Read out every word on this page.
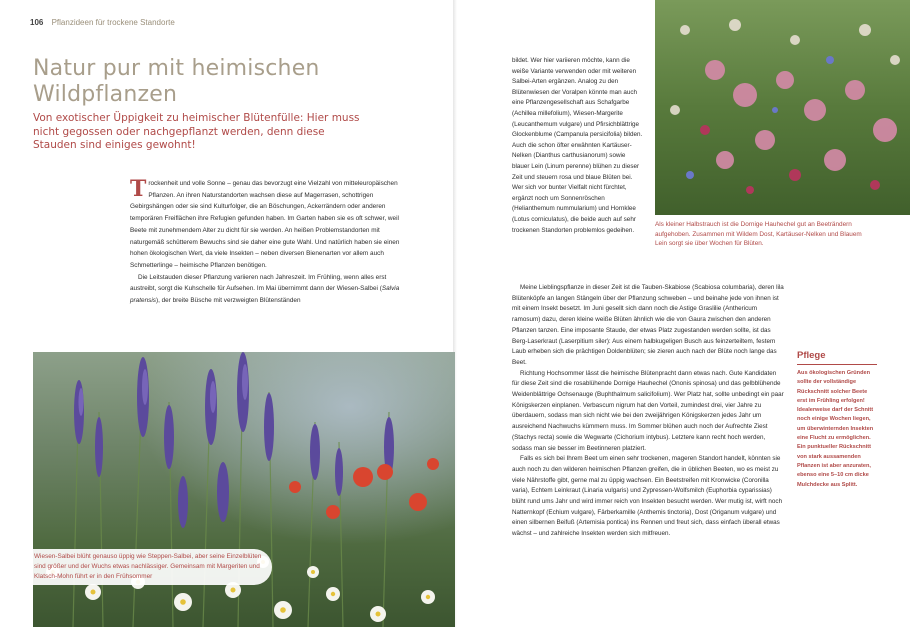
106 Pflanzideen für trockene Standorte
Natur pur mit heimischen Wildpflanzen
Von exotischer Üppigkeit zu heimischer Blütenfülle: Hier muss nicht gegossen oder nachgepflanzt werden, denn diese Stauden sind einiges gewohnt!
T rockenheit und volle Sonne – genau das bevorzugt eine Vielzahl von mitteleuropäischen Pflanzen. An ihren Naturstandorten wachsen diese auf Magerrasen, schottrigen Gebirgshängen oder sie sind Kulturfolger, die an Böschungen, Ackerrändern oder anderen temporären Freiflächen ihre Refugien gefunden haben. Im Garten haben sie es oft schwer, weil Beete mit zunehmendem Alter zu dicht für sie werden. An heißen Problemstandorten mit naturgemäß schütterem Bewuchs sind sie daher eine gute Wahl. Und natürlich haben sie einen hohen ökologischen Wert, da viele Insekten – neben diversen Bienenarten vor allem auch Schmetterlinge – heimische Pflanzen benötigen.

Die Leitstauden dieser Pflanzung variieren nach Jahreszeit. Im Frühling, wenn alles erst austreibt, sorgt die Kuhschelle für Aufsehen. Im Mai übernimmt dann der Wiesen-Salbei (Salvia pratensis), der breite Büsche mit verzweigten Blütenständen

Wiesen-Salbei blüht genauso üppig wie Steppen-Salbei, aber seine Einzelblüten sind größer und der Wuchs etwas nachlässiger. Gemeinsam mit Margeriten und Klatsch-Mohn führt er in den Frühsommer
bildet. Wer hier variieren möchte, kann die weiße Variante verwenden oder mit weiteren Salbei-Arten ergänzen. Analog zu den Blütenwiesen der Voralpen könnte man auch eine Pflanzengesellschaft aus Schafgarbe (Achillea millefolium), Wiesen-Margerite (Leucanthemum vulgare) und Pfirsichblättrige Glockenblume (Campanula persicifolia) bilden. Auch die schon öfter erwähnten Kartäuser-Nelken (Dianthus carthusianorum) sowie blauer Lein (Linum perenne) blühen zu dieser Zeit und steuern rosa und blaue Blüten bei. Wer sich vor bunter Vielfalt nicht fürchtet, ergänzt noch um Sonnenröschen (Helianthemum nummularium) und Hornklee (Lotus corniculatus), die beide auch auf sehr trockenen Standorten problemlos gedeihen.
Als kleiner Halbstrauch ist die Dornige Hauhechel gut an Beeträndern aufgehoben. Zusammen mit Wildem Dost, Kartäuser-Nelken und Blauem Lein sorgt sie über Wochen für Blüten.

Meine Lieblingspflanze in dieser Zeit ist die Tauben-Skabiose (Scabiosa columbaria), deren lila Blütenköpfe an langen Stängeln über der Pflanzung schweben – und beinahe jede von ihnen ist mit einem Insekt besetzt. Im Juni gesellt sich dann noch die Astige Graslilie (Anthericum ramosum) dazu, deren kleine weiße Blüten ähnlich wie die von Gaura zwischen den anderen Pflanzen tanzen. Eine imposante Staude, der etwas Platz zugestanden werden sollte, ist das Berg-Laserkraut (Laserpitium siler): Aus einem halbkugeligen Busch aus feinzerteiltem, festem Laub erheben sich die prächtigen Doldenblüten; sie zieren auch nach der Blüte noch lange das Beet.

Richtung Hochsommer lässt die heimische Blütenpracht dann etwas nach. Gute Kandidaten für diese Zeit sind die rosablühende Dornige Hauhechel (Ononis spinosa) und das gelbblühende Weidenblättrige Ochsenauge (Buphthalmum salicifolium). Wer Platz hat, sollte unbedingt ein paar Königskerzen einplanen. Verbascum nigrum hat den Vorteil, zumindest drei, vier Jahre zu überdauern, sodass man sich nicht wie bei den zweijährigen Königskerzen jedes Jahr um ausreichend Nachwuchs kümmern muss. Im Sommer blühen auch noch der Aufrechte Ziest (Stachys recta) sowie die Wegwarte (Cichorium intybus). Letztere kann recht hoch werden, sodass man sie besser im Beetinneren platziert.

Falls es sich bei Ihrem Beet um einen sehr trockenen, mageren Standort handelt, könnten sie auch noch zu den wilderen heimischen Pflanzen greifen, die in üblichen Beeten, wo es meist zu viele Nährstoffe gibt, gerne mal zu üppig wachsen. Ein Beetstreifen mit Kronwicke (Coronilla varia), Echtem Leinkraut (Linaria vulgaris) und Zypressen-Wolfsmilch (Euphorbia cyparissias) blüht rund ums Jahr und wird immer reich von Insekten besucht werden. Wer mutig ist, wirft noch Natternkopf (Echium vulgare), Färberkamille (Anthemis tinctoria), Dost (Origanum vulgare) und einen silbernen Beifuß (Artemisia pontica) ins Rennen und freut sich, dass einfach überall etwas wächst – und zahlreiche Insekten werden sich mitfreuen.

Pflege
Aus ökologischen Gründen sollte der vollständige Rückschnitt solcher Beete erst im Frühling erfolgen! Idealerweise darf der Schnitt noch einige Wochen liegen, um überwinternden Insekten eine Flucht zu ermöglichen. Ein punktueller Rückschnitt von stark aussamenden Pflanzen ist aber anzuraten, ebenso eine 5–10 cm dicke Mulchdecke aus Splitt.
